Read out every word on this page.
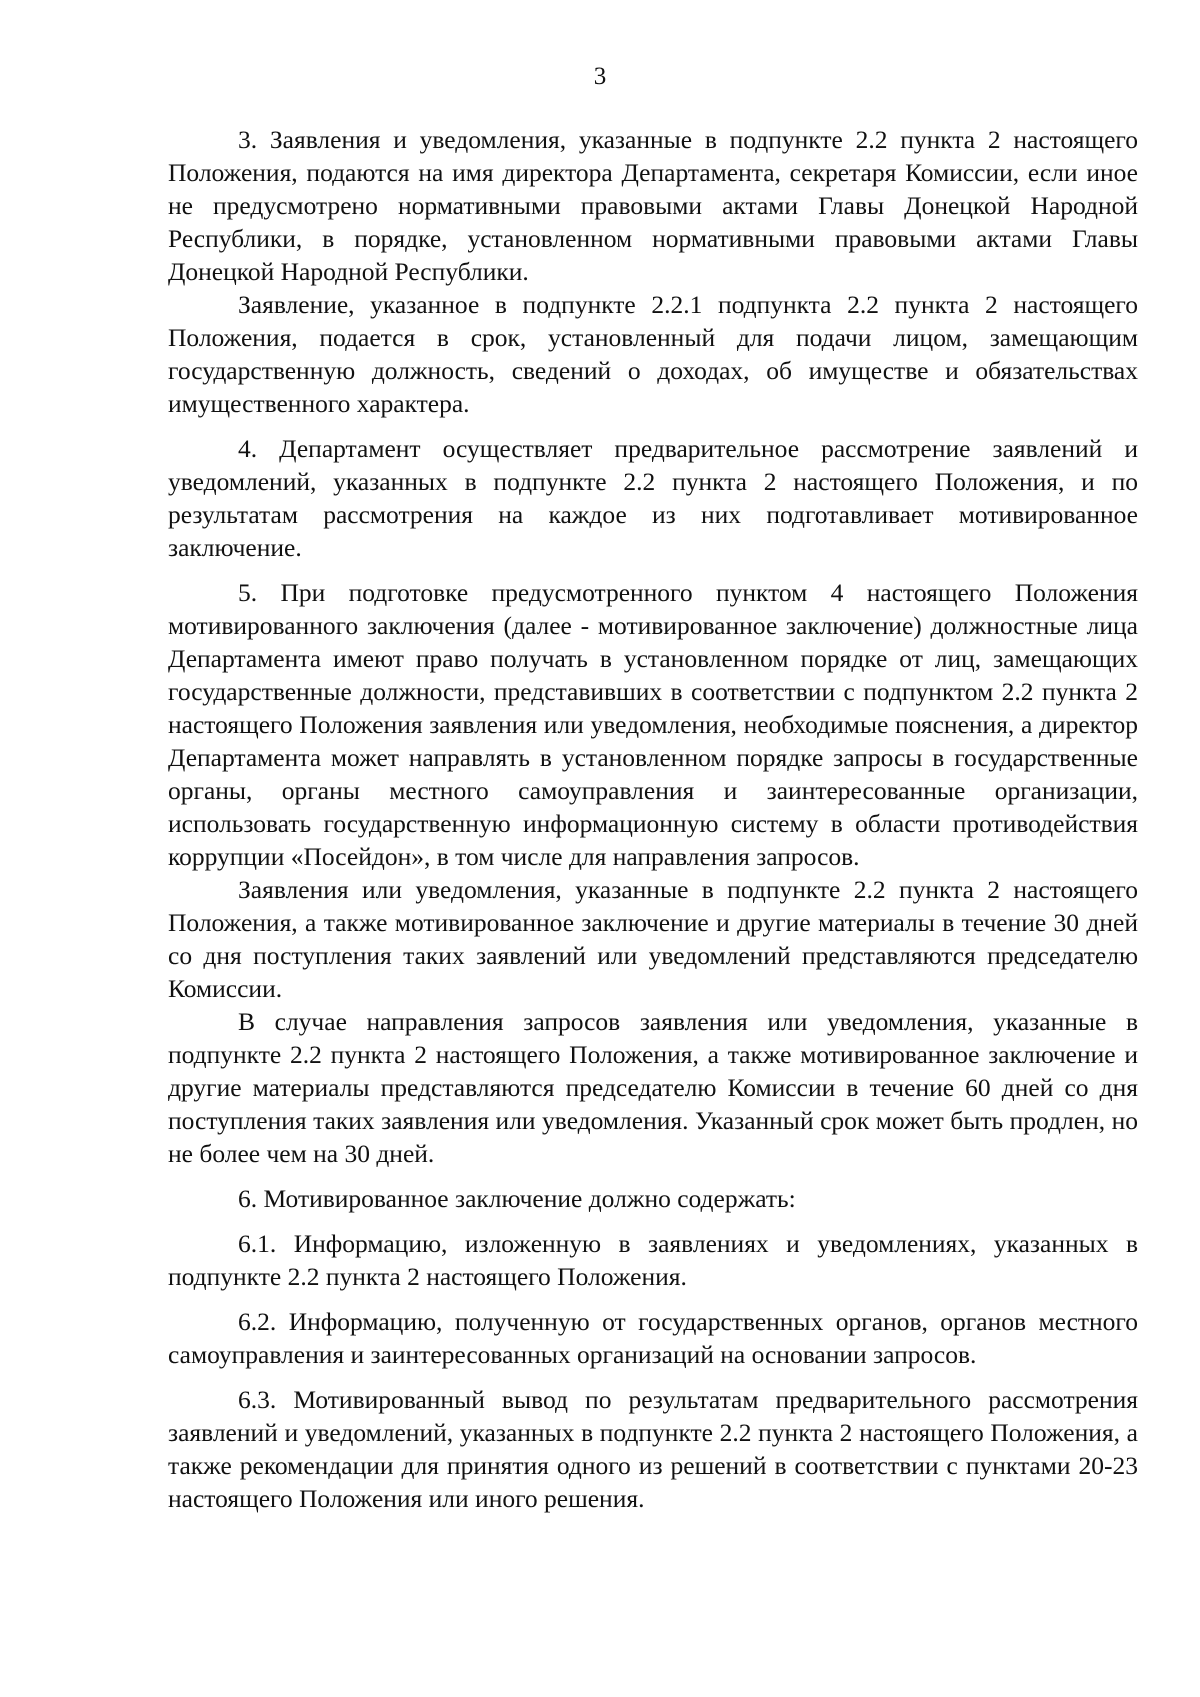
3

3. Заявления и уведомления, указанные в подпункте 2.2 пункта 2 настоящего Положения, подаются на имя директора Департамента, секретаря Комиссии, если иное не предусмотрено нормативными правовыми актами Главы Донецкой Народной Республики, в порядке, установленном нормативными правовыми актами Главы Донецкой Народной Республики.

Заявление, указанное в подпункте 2.2.1 подпункта 2.2 пункта 2 настоящего Положения, подается в срок, установленный для подачи лицом, замещающим государственную должность, сведений о доходах, об имуществе и обязательствах имущественного характера.

4. Департамент осуществляет предварительное рассмотрение заявлений и уведомлений, указанных в подпункте 2.2 пункта 2 настоящего Положения, и по результатам рассмотрения на каждое из них подготавливает мотивированное заключение.

5. При подготовке предусмотренного пунктом 4 настоящего Положения мотивированного заключения (далее - мотивированное заключение) должностные лица Департамента имеют право получать в установленном порядке от лиц, замещающих государственные должности, представивших в соответствии с подпунктом 2.2 пункта 2 настоящего Положения заявления или уведомления, необходимые пояснения, а директор Департамента может направлять в установленном порядке запросы в государственные органы, органы местного самоуправления и заинтересованные организации, использовать государственную информационную систему в области противодействия коррупции «Посейдон», в том числе для направления запросов.

Заявления или уведомления, указанные в подпункте 2.2 пункта 2 настоящего Положения, а также мотивированное заключение и другие материалы в течение 30 дней со дня поступления таких заявлений или уведомлений представляются председателю Комиссии.

В случае направления запросов заявления или уведомления, указанные в подпункте 2.2 пункта 2 настоящего Положения, а также мотивированное заключение и другие материалы представляются председателю Комиссии в течение 60 дней со дня поступления таких заявления или уведомления. Указанный срок может быть продлен, но не более чем на 30 дней.

6. Мотивированное заключение должно содержать:

6.1. Информацию, изложенную в заявлениях и уведомлениях, указанных в подпункте 2.2 пункта 2 настоящего Положения.

6.2. Информацию, полученную от государственных органов, органов местного самоуправления и заинтересованных организаций на основании запросов.

6.3. Мотивированный вывод по результатам предварительного рассмотрения заявлений и уведомлений, указанных в подпункте 2.2 пункта 2 настоящего Положения, а также рекомендации для принятия одного из решений в соответствии с пунктами 20-23 настоящего Положения или иного решения.
